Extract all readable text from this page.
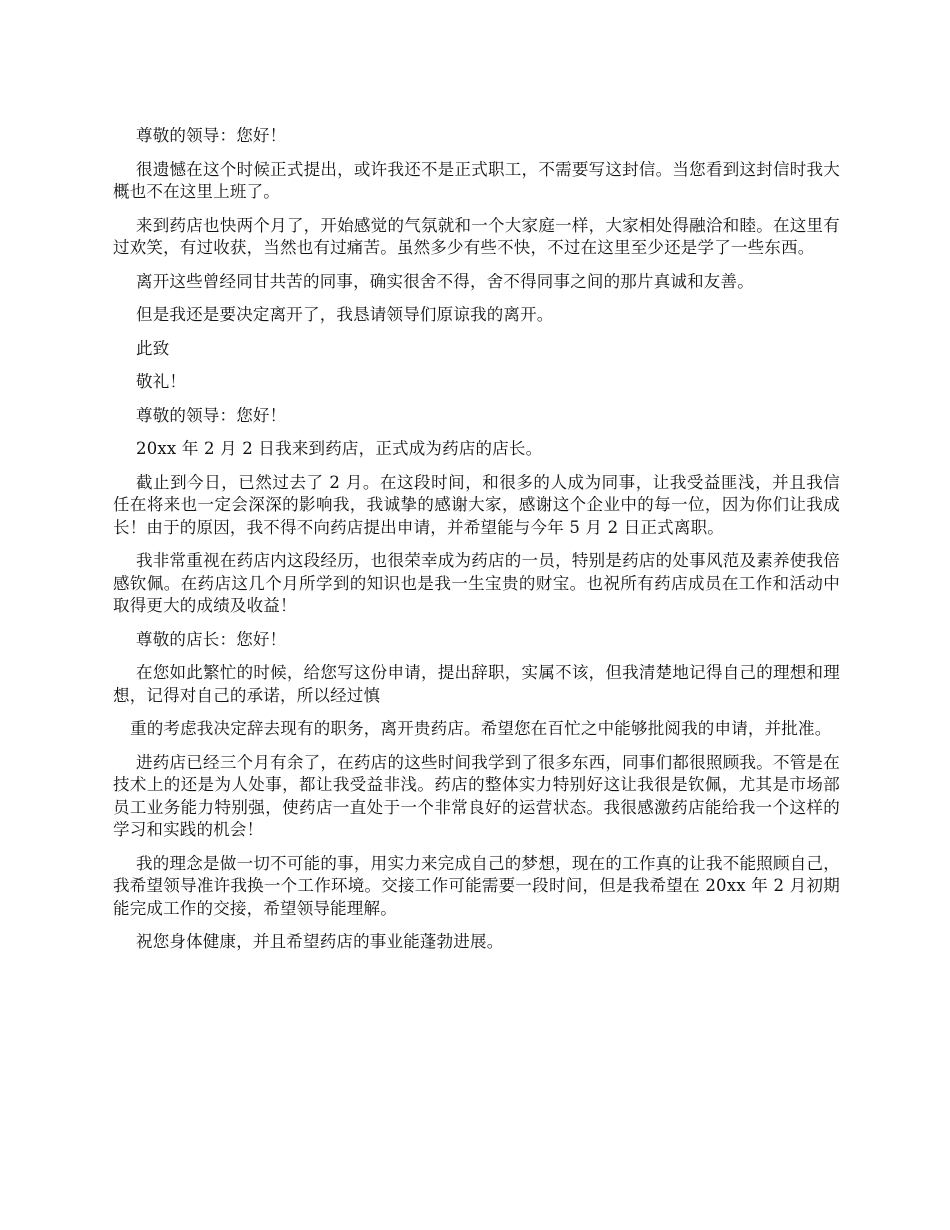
尊敬的领导：您好！

很遗憾在这个时候正式提出，或许我还不是正式职工，不需要写这封信。当您看到这封信时我大概也不在这里上班了。

来到药店也快两个月了，开始感觉的气氛就和一个大家庭一样，大家相处得融洽和睦。在这里有过欢笑，有过收获，当然也有过痛苦。虽然多少有些不快，不过在这里至少还是学了一些东西。

离开这些曾经同甘共苦的同事，确实很舍不得，舍不得同事之间的那片真诚和友善。

但是我还是要决定离开了，我恳请领导们原谅我的离开。

此致

敬礼！

尊敬的领导：您好！

20xx 年 2 月 2 日我来到药店，正式成为药店的店长。

截止到今日，已然过去了 2 月。在这段时间，和很多的人成为同事，让我受益匪浅，并且我信任在将来也一定会深深的影响我，我诚挚的感谢大家，感谢这个企业中的每一位，因为你们让我成长！由于的原因，我不得不向药店提出申请，并希望能与今年 5 月 2 日正式离职。

我非常重视在药店内这段经历，也很荣幸成为药店的一员，特别是药店的处事风范及素养使我倍感钦佩。在药店这几个月所学到的知识也是我一生宝贵的财宝。也祝所有药店成员在工作和活动中取得更大的成绩及收益！

尊敬的店长：您好！

在您如此繁忙的时候，给您写这份申请，提出辞职，实属不该，但我清楚地记得自己的理想和理想，记得对自己的承诺，所以经过慎

重的考虑我决定辞去现有的职务，离开贵药店。希望您在百忙之中能够批阅我的申请，并批准。

进药店已经三个月有余了，在药店的这些时间我学到了很多东西，同事们都很照顾我。不管是在技术上的还是为人处事，都让我受益非浅。药店的整体实力特别好这让我很是钦佩，尤其是市场部员工业务能力特别强，使药店一直处于一个非常良好的运营状态。我很感激药店能给我一个这样的学习和实践的机会！

我的理念是做一切不可能的事，用实力来完成自己的梦想，现在的工作真的让我不能照顾自己，我希望领导准许我换一个工作环境。交接工作可能需要一段时间，但是我希望在 20xx 年 2 月初期能完成工作的交接，希望领导能理解。

祝您身体健康，并且希望药店的事业能蓬勃进展。
